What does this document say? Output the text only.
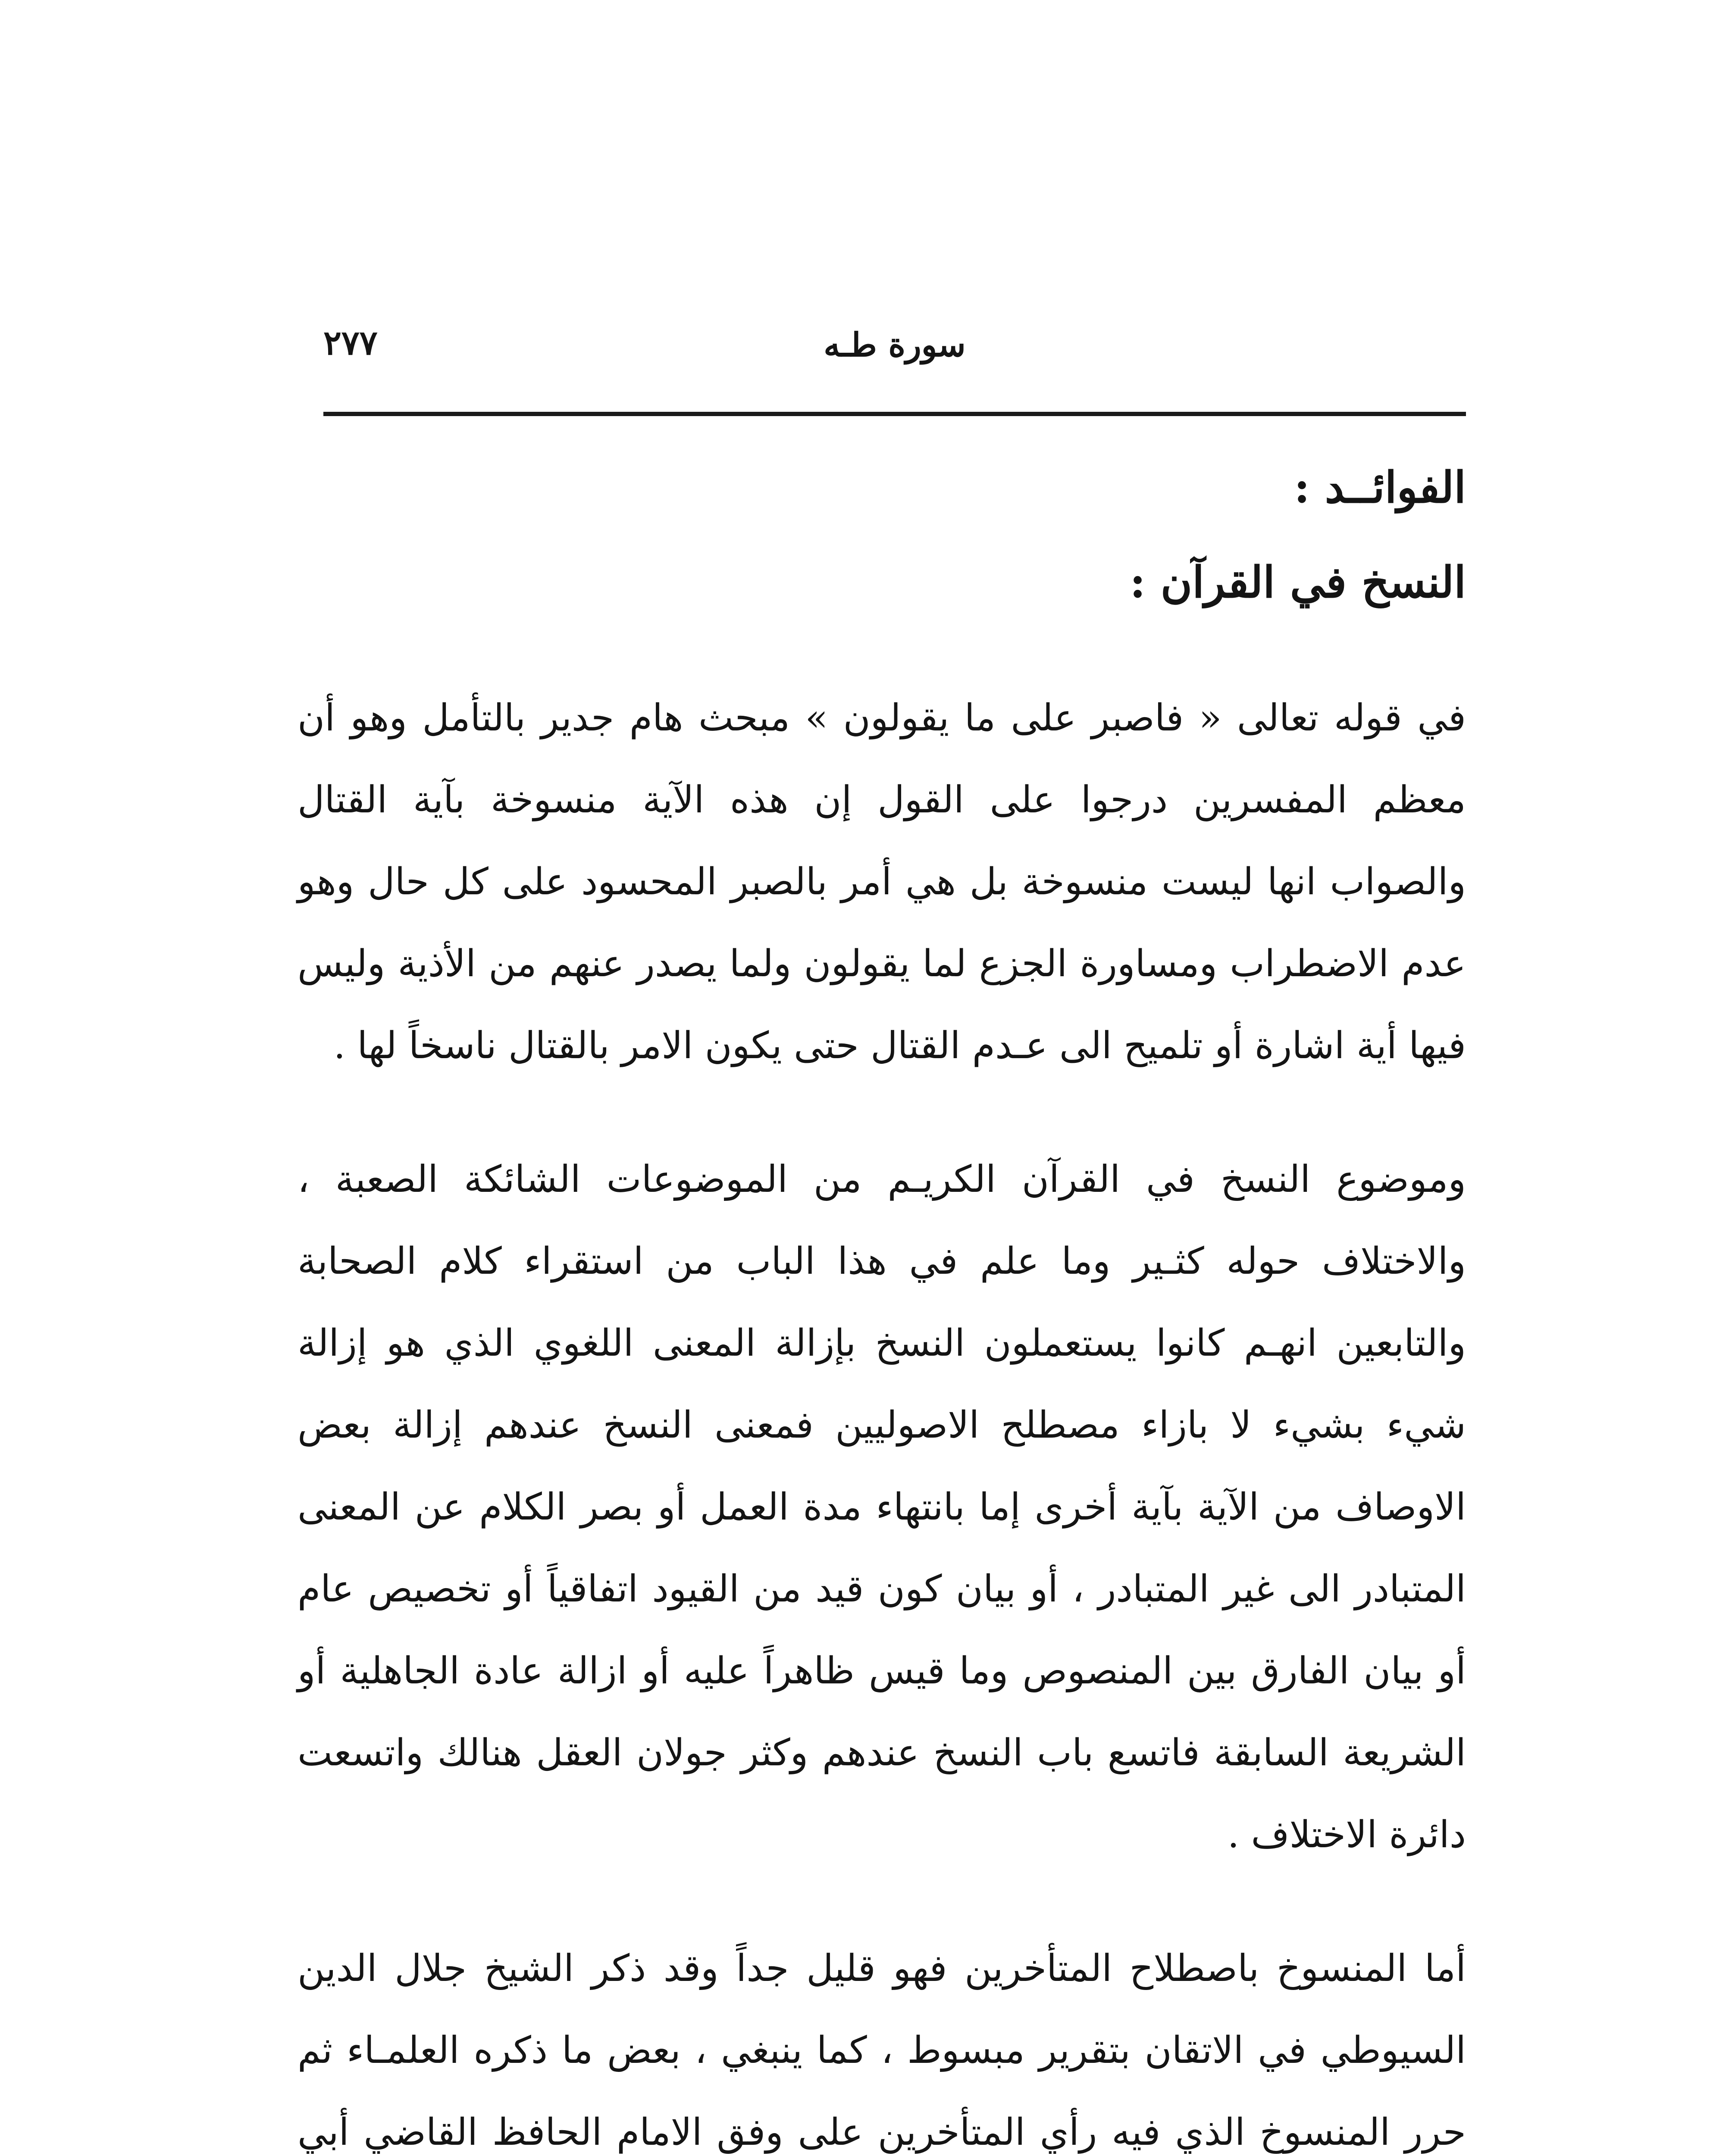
٢٧٧	سورة طـه
الفوائــد :
النسخ في القرآن :

في قوله تعالى « فاصبر على ما يقولون » مبحث هام جدير بالتأمل وهو أن معظم المفسرين درجوا على القول إن هذه الآية منسوخة بآية القتال والصواب انها ليست منسوخة بل هي أمر بالصبر المحسود على كل حال وهو عدم الاضطراب ومساورة الجزع لما يقولون ولما يصدر عنهم من الأذية وليس فيها أية اشارة أو تلميح الى عـدم القتال حتى يكون الامر بالقتال ناسخاً لها .

وموضوع النسخ في القرآن الكريـم من الموضوعات الشائكة الصعبة ، والاختلاف حوله كثـير وما علم في هذا الباب من استقراء كلام الصحابة والتابعين انهـم كانوا يستعملون النسخ بإزالة المعنى اللغوي الذي هو إزالة شيء بشيء لا بازاء مصطلح الاصوليين فمعنى النسخ عندهم إزالة بعض الاوصاف من الآية بآية أخرى إما بانتهاء مدة العمل أو بصر الكلام عن المعنى المتبادر الى غير المتبادر ، أو بيان كون قيد من القيود اتفاقياً أو تخصيص عام أو بيان الفارق بين المنصوص وما قيس ظاهراً عليه أو ازالة عادة الجاهلية أو الشريعة السابقة فاتسع باب النسخ عندهم وكثر جولان العقل هنالك واتسعت دائرة الاختلاف .

أما المنسوخ باصطلاح المتأخرين فهو قليل جداً وقد ذكر الشيخ جلال الدين السيوطي في الاتقان بتقرير مبسوط ، كما ينبغي ، بعض ما ذكره العلمـاء ثم حرر المنسوخ الذي فيه رأي المتأخرين على وفق الامام الحافظ القاضي أبي
